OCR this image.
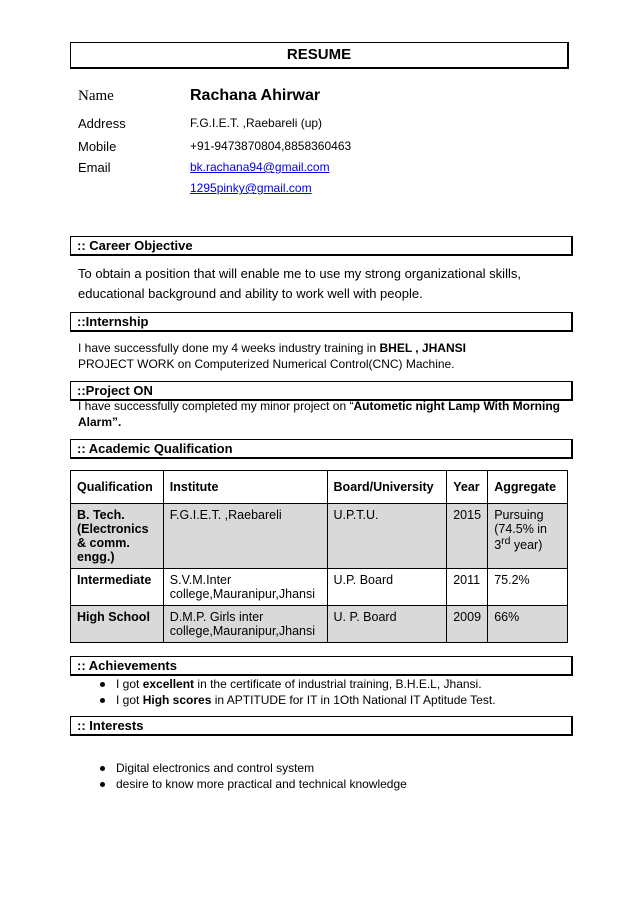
RESUME
Name	Rachana Ahirwar
Address	F.G.I.E.T. ,Raebareli (up)
Mobile	+91-9473870804,8858360463
Email	bk.rachana94@gmail.com
1295pinky@gmail.com
:: Career Objective
To obtain a position that will enable me to use my strong organizational skills,
educational background and ability to work well with people.
::Internship
I have successfully done my 4 weeks industry training in BHEL , JHANSI
PROJECT WORK on Computerized Numerical Control(CNC) Machine.
::Project ON
I have successfully completed my minor project on “Autometic night Lamp With Morning
Alarm”.
:: Academic Qualification
Qualification	Institute	Board/University	Year	Aggregate
B. Tech. (Electronics & comm. engg.)	F.G.I.E.T. ,Raebareli	U.P.T.U.	2015	Pursuing (74.5% in 3rd year)
Intermediate	S.V.M.Inter college,Mauranipur,Jhansi	U.P. Board	2011	75.2%
High School	D.M.P. Girls inter college,Mauranipur,Jhansi	U. P. Board	2009	66%
:: Achievements
I got excellent in the certificate of industrial training, B.H.E.L, Jhansi.
I got High scores in APTITUDE for IT in 1Oth National IT Aptitude Test.
:: Interests
Digital electronics and control system
desire to know more practical and technical knowledge
